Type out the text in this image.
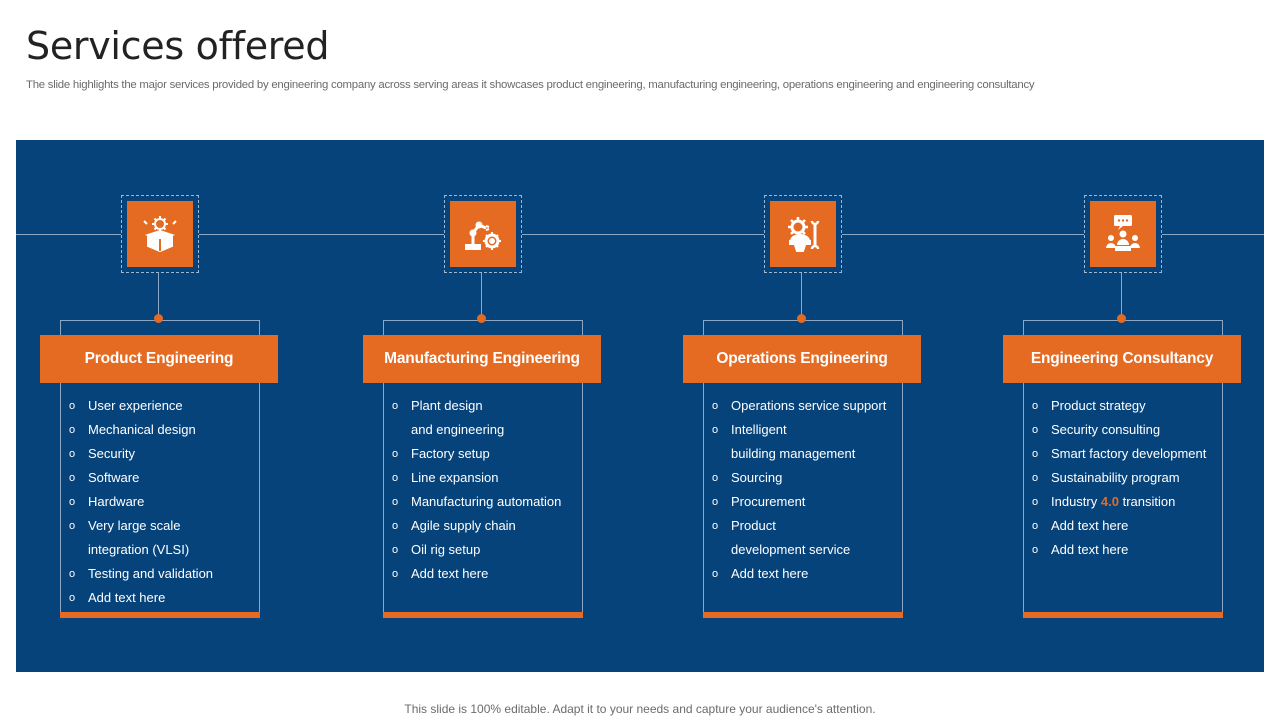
Services offered
The slide highlights the major services provided by engineering company across serving areas it showcases product engineering, manufacturing engineering, operations engineering and engineering consultancy
Product Engineering
o User experience
o Mechanical design
o Security
o Software
o Hardware
o Very large scale
integration (VLSI)
o Testing and validation
o Add text here
Manufacturing Engineering
o Plant design
and engineering
o Factory setup
o Line expansion
o Manufacturing automation
o Agile supply chain
o Oil rig setup
o Add text here
Operations Engineering
o Operations service support
o Intelligent
building management
o Sourcing
o Procurement
o Product
development service
o Add text here
Engineering Consultancy
o Product strategy
o Security consulting
o Smart factory development
o Sustainability program
o Industry 4.0 transition
o Add text here
o Add text here
This slide is 100% editable. Adapt it to your needs and capture your audience's attention.
